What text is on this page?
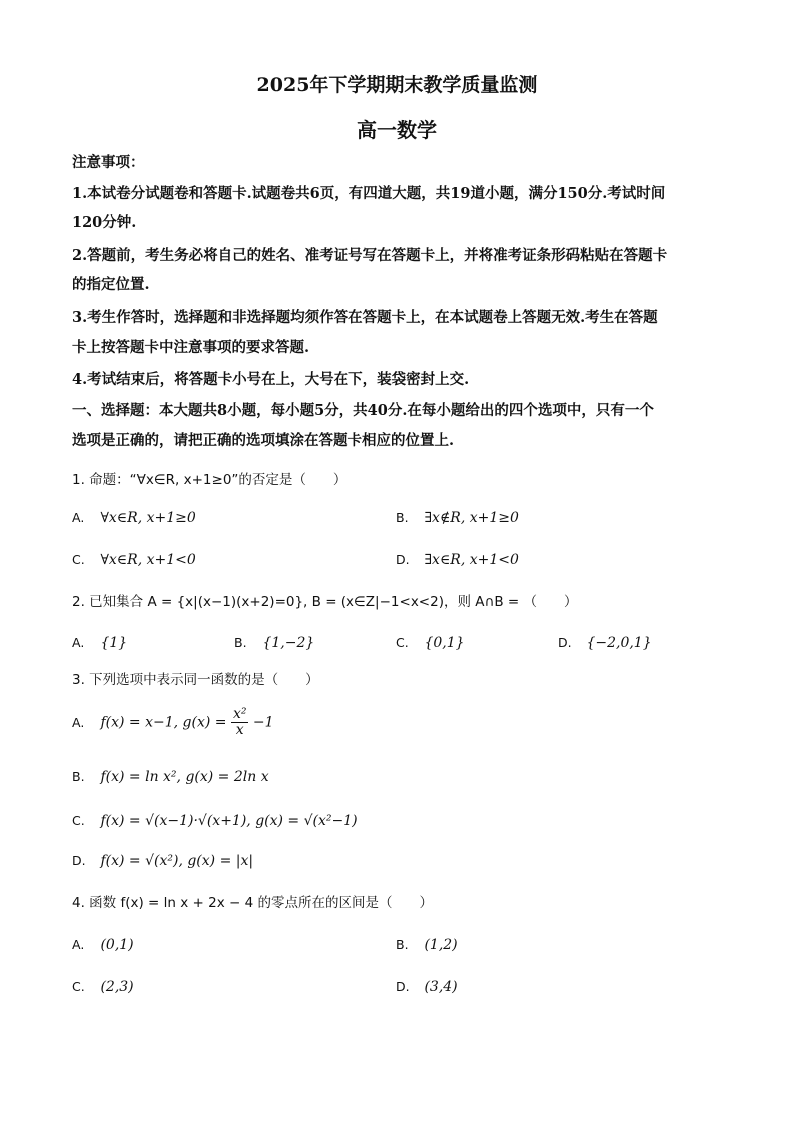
2025年下学期期末教学质量监测
高一数学
注意事项：
1.本试卷分试题卷和答题卡.试题卷共6页，有四道大题，共19道小题，满分150分.考试时间
120分钟.
2.答题前，考生务必将自己的姓名、准考证号写在答题卡上，并将准考证条形码粘贴在答题卡
的指定位置.
3.考生作答时，选择题和非选择题均须作答在答题卡上，在本试题卷上答题无效.考生在答题
卡上按答题卡中注意事项的要求答题.
4.考试结束后，将答题卡小号在上，大号在下，装袋密封上交.
一、选择题：本大题共8小题，每小题5分，共40分.在每小题给出的四个选项中，只有一个
选项是正确的，请把正确的选项填涂在答题卡相应的位置上.
1. 命题：“∀x∈R, x+1≥0”的否定是（　　）
A. ∀x∈R, x+1≥0	B. ∃x∉R, x+1≥0
C. ∀x∈R, x+1<0	D. ∃x∈R, x+1<0
2. 已知集合 A = {x|(x−1)(x+2)=0}, B = (x∈Z|−1<x<2)，则 A∩B = （　　）
A. {1}	B. {1,−2}	C. {0,1}	D. {−2,0,1}
3. 下列选项中表示同一函数的是（　　）
A. f(x) = x−1, $g(x) = \frac{\text{x²}}{x} -1$
B. f(x) = ln x², g(x) = 2ln x
C. f(x) = √(x−1)·√(x+1), g(x) = √(x²−1)
D. f(x) = √(x²), g(x) = |x|
4. 函数 f(x) = ln x + 2x − 4 的零点所在的区间是（　　）
A. (0,1)	B. (1,2)
C. (2,3)	D. (3,4)
